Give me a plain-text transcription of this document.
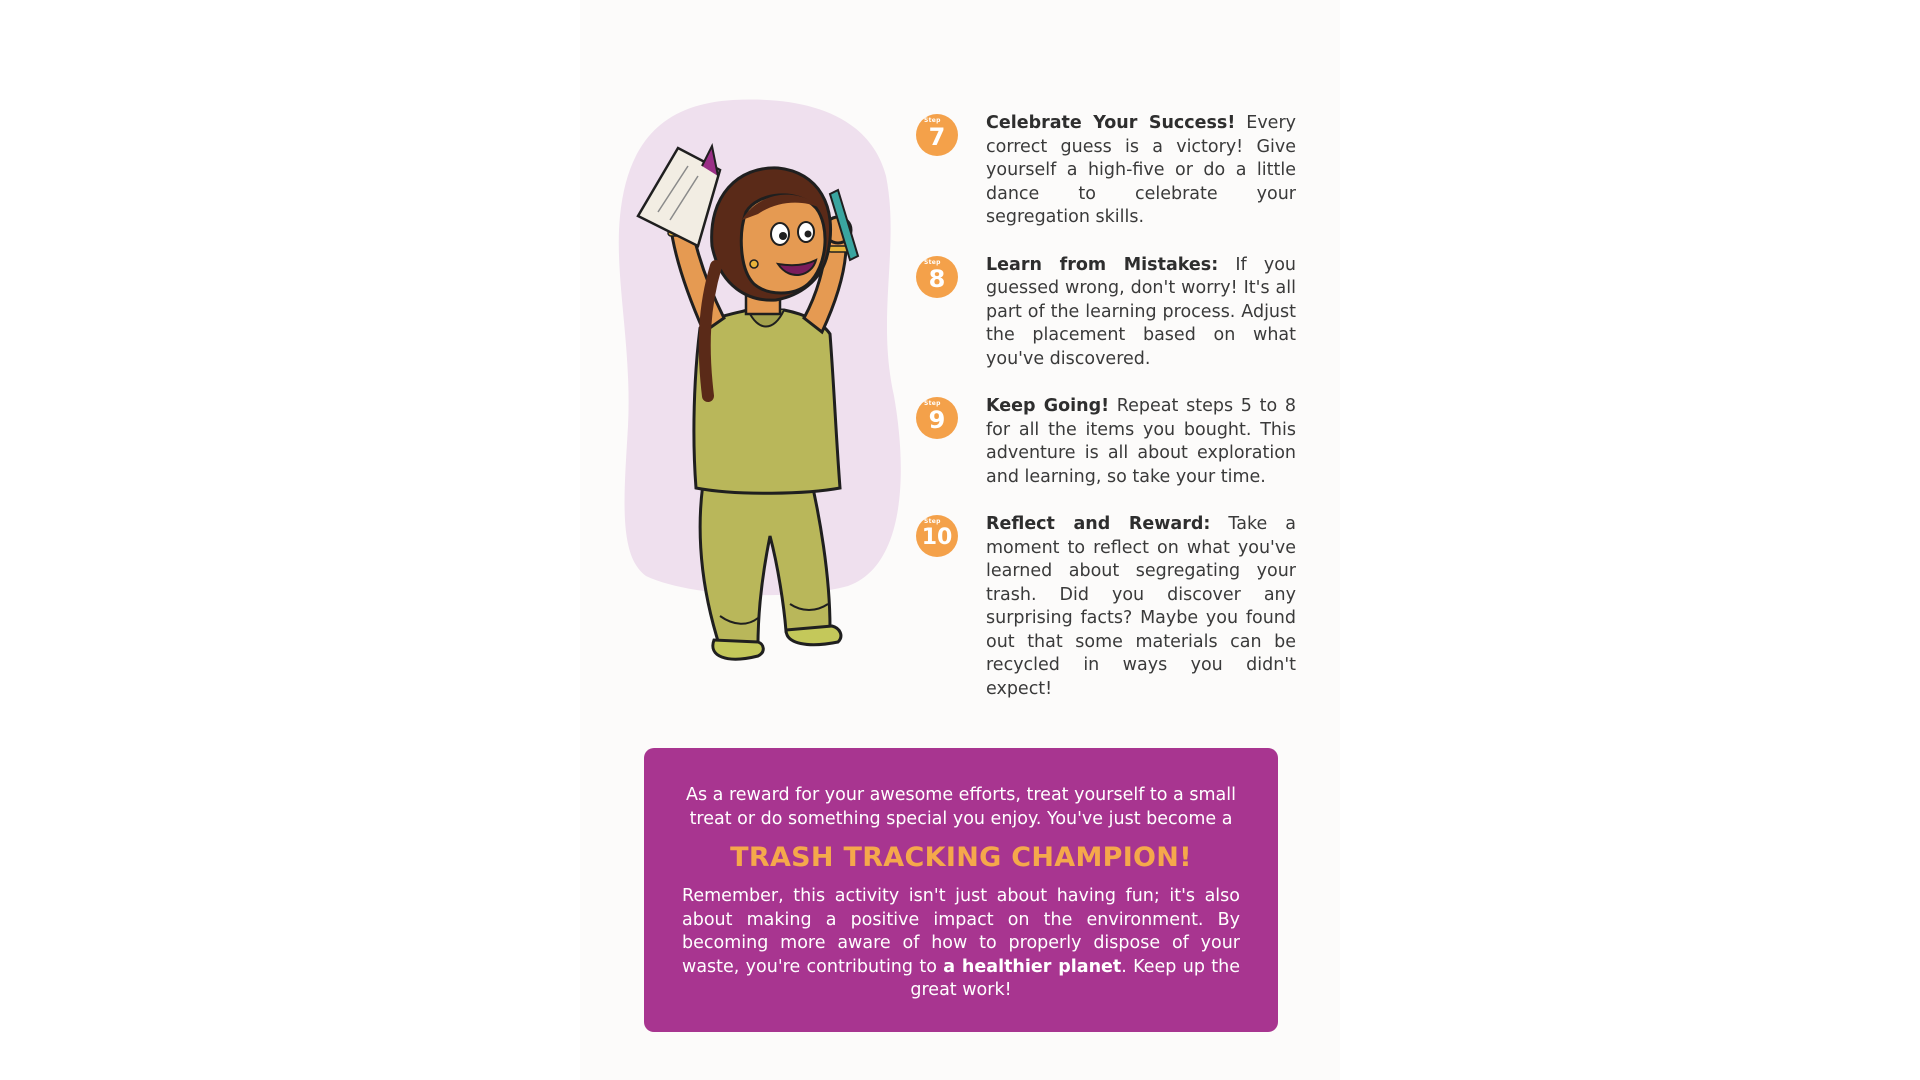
Step
7	Celebrate Your Success! Every correct guess is a victory! Give yourself a high-five or do a little dance to celebrate your segregation skills.

Step
8	Learn from Mistakes: If you guessed wrong, don't worry! It's all part of the learning process. Adjust the placement based on what you've discovered.

Step
9	Keep Going! Repeat steps 5 to 8 for all the items you bought. This adventure is all about exploration and learning, so take your time.

Step
10

Reflect and Reward: Take a moment to reflect on what you've learned about segregating your trash. Did you discover any surprising facts? Maybe you found out that some materials can be recycled in ways you didn't expect!

As a reward for your awesome efforts, treat yourself to a small treat or do something special you enjoy. You've just become a

TRASH TRACKING CHAMPION!

Remember, this activity isn't just about having fun; it's also about making a positive impact on the environment. By becoming more aware of how to properly dispose of your waste, you're contributing to a healthier planet. Keep up the great work!
